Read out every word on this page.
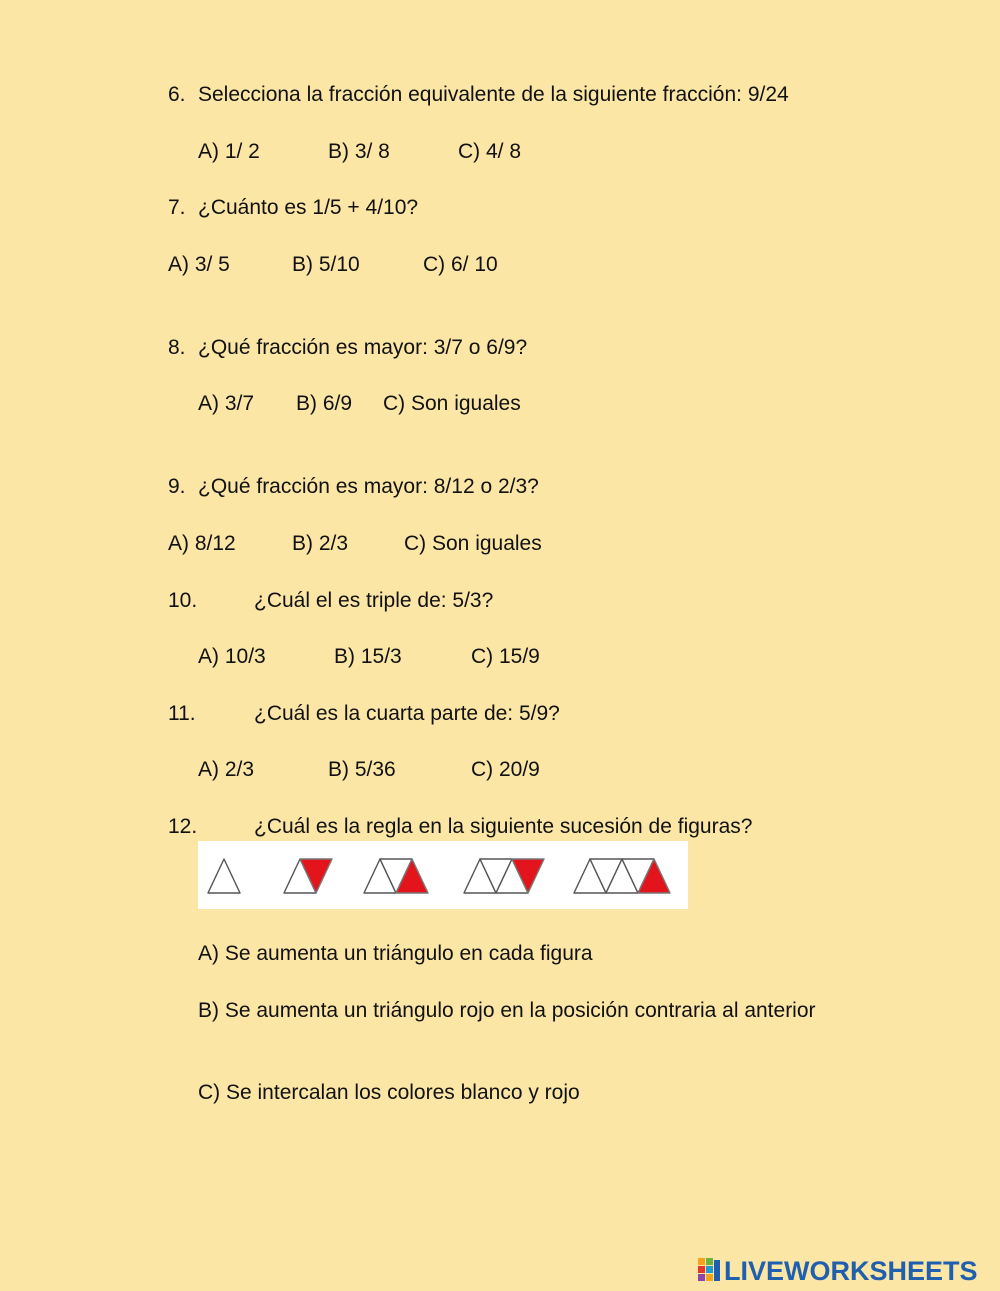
6. Selecciona la fracción equivalente de la siguiente fracción: 9/24
A) 1/ 2	B) 3/ 8	C) 4/ 8
7. ¿Cuánto es 1/5 + 4/10?
A) 3/ 5	B) 5/10	C) 6/ 10
8. ¿Qué fracción es mayor: 3/7 o 6/9?
A) 3/7 B) 6/9 C) Son iguales
9. ¿Qué fracción es mayor: 8/12 o 2/3?
A) 8/12	B) 2/3	C) Son iguales
10.	¿Cuál el es triple de: 5/3?
A) 10/3	B) 15/3	C) 15/9
11.	¿Cuál es la cuarta parte de: 5/9?
A) 2/3	B) 5/36	C) 20/9
12.	¿Cuál es la regla en la siguiente sucesión de figuras?
A) Se aumenta un triángulo en cada figura
B) Se aumenta un triángulo rojo en la posición contraria al anterior
C) Se intercalan los colores blanco y rojo
LIVEWORKSHEETS
